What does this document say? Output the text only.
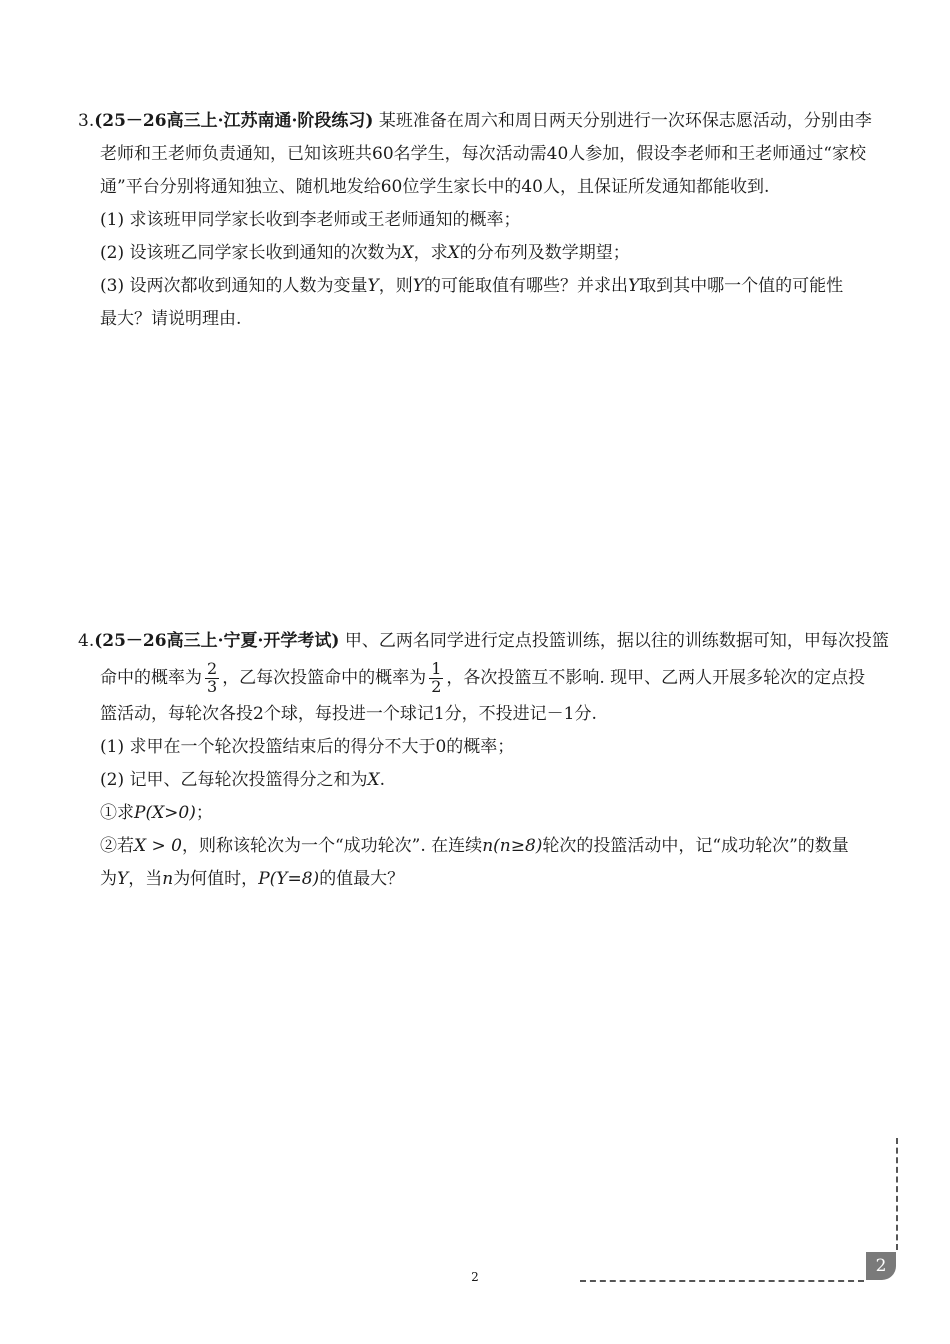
3.(25－26高三上·江苏南通·阶段练习) 某班准备在周六和周日两天分别进行一次环保志愿活动，分别由李
老师和王老师负责通知，已知该班共60名学生，每次活动需40人参加，假设李老师和王老师通过“家校
通”平台分别将通知独立、随机地发给60位学生家长中的40人，且保证所发通知都能收到.
(1) 求该班甲同学家长收到李老师或王老师通知的概率；
(2) 设该班乙同学家长收到通知的次数为X，求X的分布列及数学期望；
(3) 设两次都收到通知的人数为变量Y，则Y的可能取值有哪些？并求出Y取到其中哪一个值的可能性
最大？请说明理由.
4.(25－26高三上·宁夏·开学考试) 甲、乙两名同学进行定点投篮训练，据以往的训练数据可知，甲每次投篮
命中的概率为 $\frac{2}{3}$ ，乙每次投篮命中的概率为 $\frac{1}{2}$ ，各次投篮互不影响. 现甲、乙两人开展多轮次的定点投
篮活动，每轮次各投2个球，每投进一个球记1分，不投进记－1分.
(1) 求甲在一个轮次投篮结束后的得分不大于0的概率；
(2) 记甲、乙每轮次投篮得分之和为X.
①求P(X>0)；
②若X > 0，则称该轮次为一个“成功轮次”. 在连续n(n≥8)轮次的投篮活动中，记“成功轮次”的数量
为Y，当n为何值时，P(Y=8)的值最大？
2
2
